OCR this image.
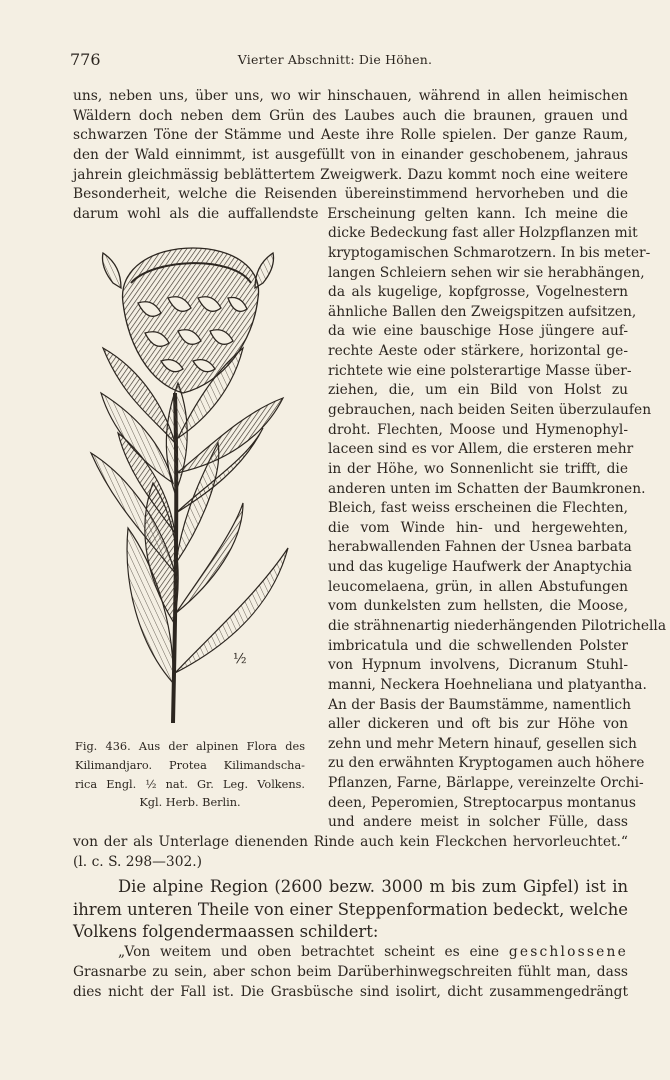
776	Vierter Abschnitt: Die Höhen.
uns, neben uns, über uns, wo wir hinschauen, während in allen heimischen
Wäldern doch neben dem Grün des Laubes auch die braunen, grauen und
schwarzen Töne der Stämme und Aeste ihre Rolle spielen. Der ganze Raum,
den der Wald einnimmt, ist ausgefüllt von in einander geschobenem, jahraus
jahrein gleichmässig beblättertem Zweigwerk. Dazu kommt noch eine weitere
Besonderheit, welche die Reisenden übereinstimmend hervorheben und die
darum wohl als die auffallendste Erscheinung gelten kann. Ich meine die
dicke Bedeckung fast aller Holzpflanzen mit
kryptogamischen Schmarotzern. In bis meter-
langen Schleiern sehen wir sie herabhängen,
da als kugelige, kopfgrosse, Vogelnestern
ähnliche Ballen den Zweigspitzen aufsitzen,
da wie eine bauschige Hose jüngere auf-
rechte Aeste oder stärkere, horizontal ge-
richtete wie eine polsterartige Masse über-
ziehen, die, um ein Bild von Holst zu
gebrauchen, nach beiden Seiten überzulaufen
droht. Flechten, Moose und Hymenophyl-
laceen sind es vor Allem, die ersteren mehr
in der Höhe, wo Sonnenlicht sie trifft, die
anderen unten im Schatten der Baumkronen.
Bleich, fast weiss erscheinen die Flechten,
die vom Winde hin- und hergewehten,
herabwallenden Fahnen der Usnea barbata
und das kugelige Haufwerk der Anaptychia
leucomelaena, grün, in allen Abstufungen
vom dunkelsten zum hellsten, die Moose,
die strähnenartig niederhängenden Pilotrichella
imbricatula und die schwellenden Polster
von Hypnum involvens, Dicranum Stuhl-
manni, Neckera Hoehneliana und platyantha.
An der Basis der Baumstämme, namentlich
aller dickeren und oft bis zur Höhe von
zehn und mehr Metern hinauf, gesellen sich
zu den erwähnten Kryptogamen auch höhere
Pflanzen, Farne, Bärlappe, vereinzelte Orchi-
deen, Peperomien, Streptocarpus montanus
und andere meist in solcher Fülle, dass
von der als Unterlage dienenden Rinde auch kein Fleckchen hervorleuchtet.“
(l. c. S. 298—302.)
Die alpine Region (2600 bezw. 3000 m bis zum Gipfel) ist in
ihrem unteren Theile von einer Steppenformation bedeckt, welche
Volkens folgendermaassen schildert:
„Von weitem und oben betrachtet scheint es eine geschlossene
Grasnarbe zu sein, aber schon beim Darüberhinwegschreiten fühlt man, dass
dies nicht der Fall ist. Die Grasbüsche sind isolirt, dicht zusammengedrängt
½
Fig. 436. Aus der alpinen Flora des
Kilimandjaro. Protea Kilimandscha-
rica Engl. ½ nat. Gr. Leg. Volkens.
Kgl. Herb. Berlin.
